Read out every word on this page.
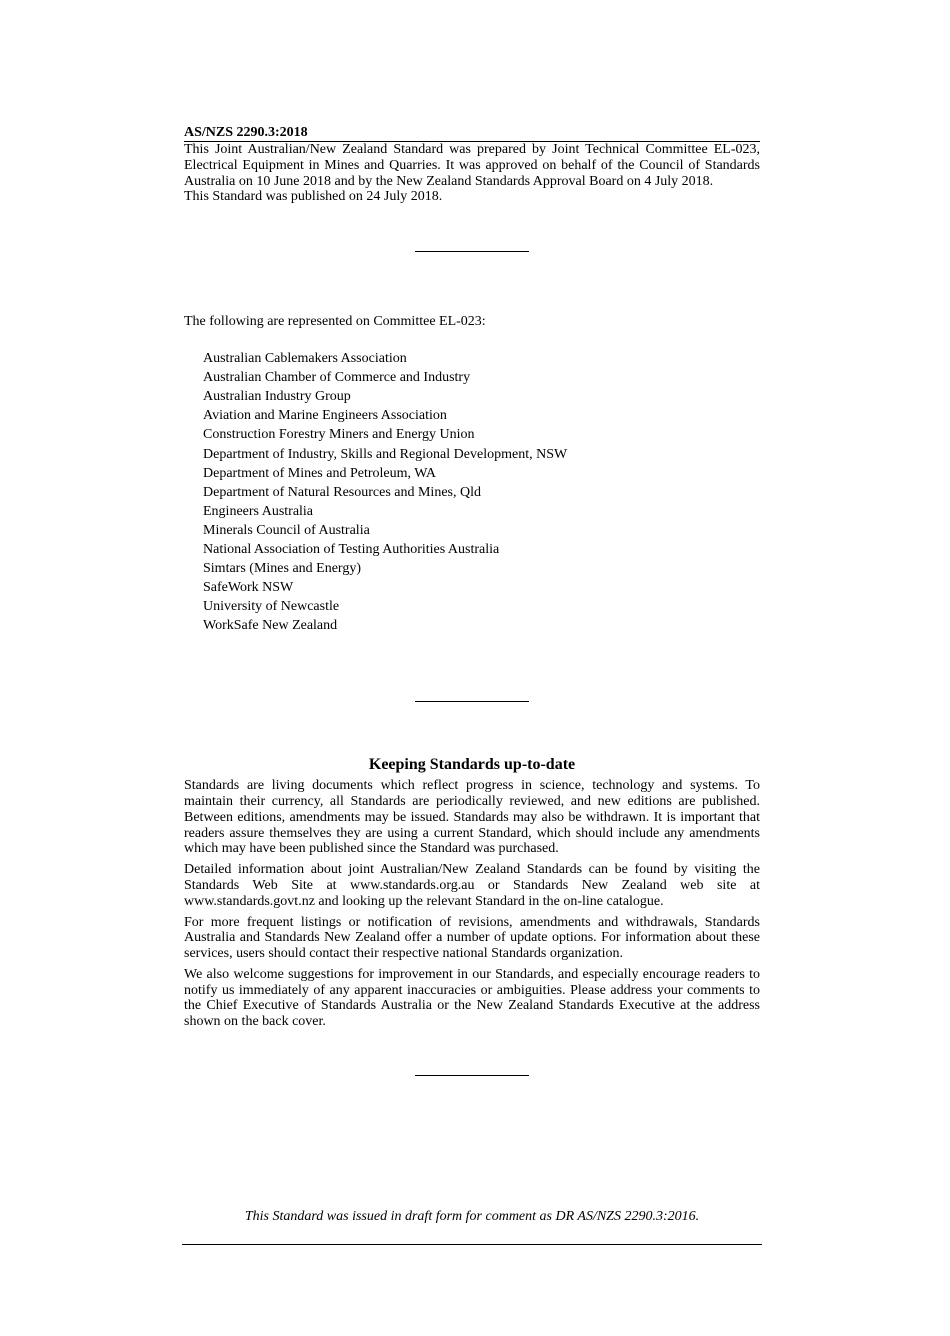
AS/NZS 2290.3:2018

This Joint Australian/New Zealand Standard was prepared by Joint Technical Committee EL-023, Electrical Equipment in Mines and Quarries. It was approved on behalf of the Council of Standards Australia on 10 June 2018 and by the New Zealand Standards Approval Board on 4 July 2018.

This Standard was published on 24 July 2018.

The following are represented on Committee EL-023:
Australian Cablemakers Association
Australian Chamber of Commerce and Industry
Australian Industry Group
Aviation and Marine Engineers Association
Construction Forestry Miners and Energy Union
Department of Industry, Skills and Regional Development, NSW
Department of Mines and Petroleum, WA
Department of Natural Resources and Mines, Qld
Engineers Australia
Minerals Council of Australia
National Association of Testing Authorities Australia
Simtars (Mines and Energy)
SafeWork NSW
University of Newcastle
WorkSafe New Zealand
Keeping Standards up-to-date

Standards are living documents which reflect progress in science, technology and systems. To maintain their currency, all Standards are periodically reviewed, and new editions are published. Between editions, amendments may be issued. Standards may also be withdrawn. It is important that readers assure themselves they are using a current Standard, which should include any amendments which may have been published since the Standard was purchased.

Detailed information about joint Australian/New Zealand Standards can be found by visiting the Standards Web Site at www.standards.org.au or Standards New Zealand web site at www.standards.govt.nz and looking up the relevant Standard in the on-line catalogue.

For more frequent listings or notification of revisions, amendments and withdrawals, Standards Australia and Standards New Zealand offer a number of update options. For information about these services, users should contact their respective national Standards organization.

We also welcome suggestions for improvement in our Standards, and especially encourage readers to notify us immediately of any apparent inaccuracies or ambiguities. Please address your comments to the Chief Executive of Standards Australia or the New Zealand Standards Executive at the address shown on the back cover.

This Standard was issued in draft form for comment as DR AS/NZS 2290.3:2016.
